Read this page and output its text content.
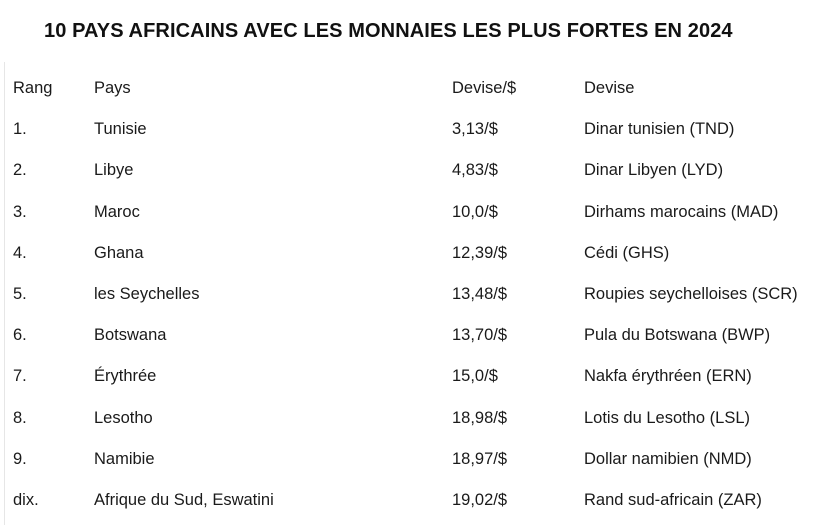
10 PAYS AFRICAINS AVEC LES MONNAIES LES PLUS FORTES EN 2024
Rang	Pays	Devise/$	Devise
1.	Tunisie	3,13/$	Dinar tunisien (TND)
2.	Libye	4,83/$	Dinar Libyen (LYD)
3.	Maroc	10,0/$	Dirhams marocains (MAD)
4.	Ghana	12,39/$	Cédi (GHS)
5.	les Seychelles	13,48/$	Roupies seychelloises (SCR)
6.	Botswana	13,70/$	Pula du Botswana (BWP)
7.	Érythrée	15,0/$	Nakfa érythréen (ERN)
8.	Lesotho	18,98/$	Lotis du Lesotho (LSL)
9.	Namibie	18,97/$	Dollar namibien (NMD)
dix.	Afrique du Sud, Eswatini	19,02/$	Rand sud-africain (ZAR)
